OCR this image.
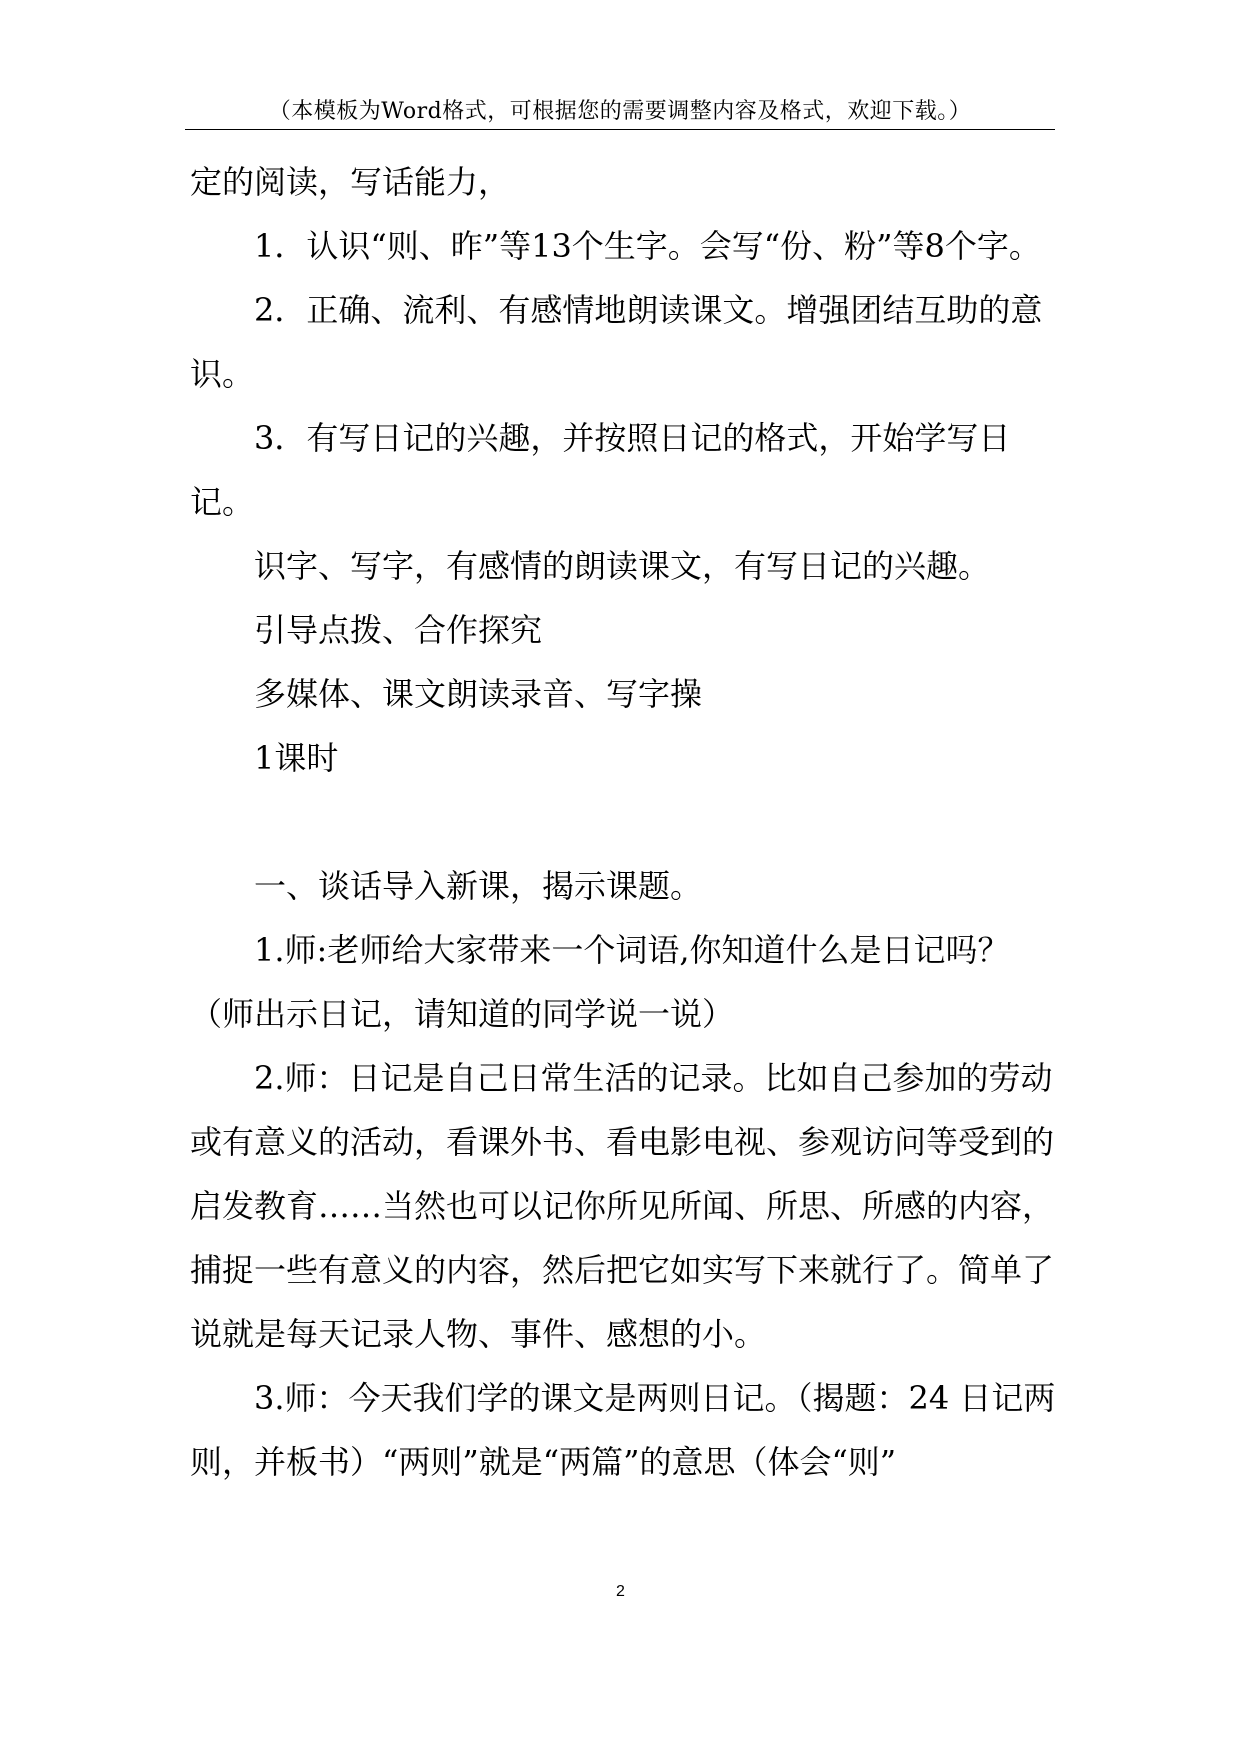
（本模板为Word格式，可根据您的需要调整内容及格式，欢迎下载。）

定的阅读，写话能力，

1．认识“则、昨”等13个生字。会写“份、粉”等8个字。

2．正确、流利、有感情地朗读课文。增强团结互助的意识。

3．有写日记的兴趣，并按照日记的格式，开始学写日记。

识字、写字，有感情的朗读课文，有写日记的兴趣。

引导点拨、合作探究

多媒体、课文朗读录音、写字操

1课时

一、谈话导入新课，揭示课题。

1.师:老师给大家带来一个词语,你知道什么是日记吗？（师出示日记，请知道的同学说一说）

2.师：日记是自己日常生活的记录。比如自己参加的劳动或有意义的活动，看课外书、看电影电视、参观访问等受到的启发教育……当然也可以记你所见所闻、所思、所感的内容，捕捉一些有意义的内容，然后把它如实写下来就行了。简单了说就是每天记录人物、事件、感想的小。

3.师：今天我们学的课文是两则日记。（揭题：24 日记两则，并板书）“两则”就是“两篇”的意思（体会“则”

2
